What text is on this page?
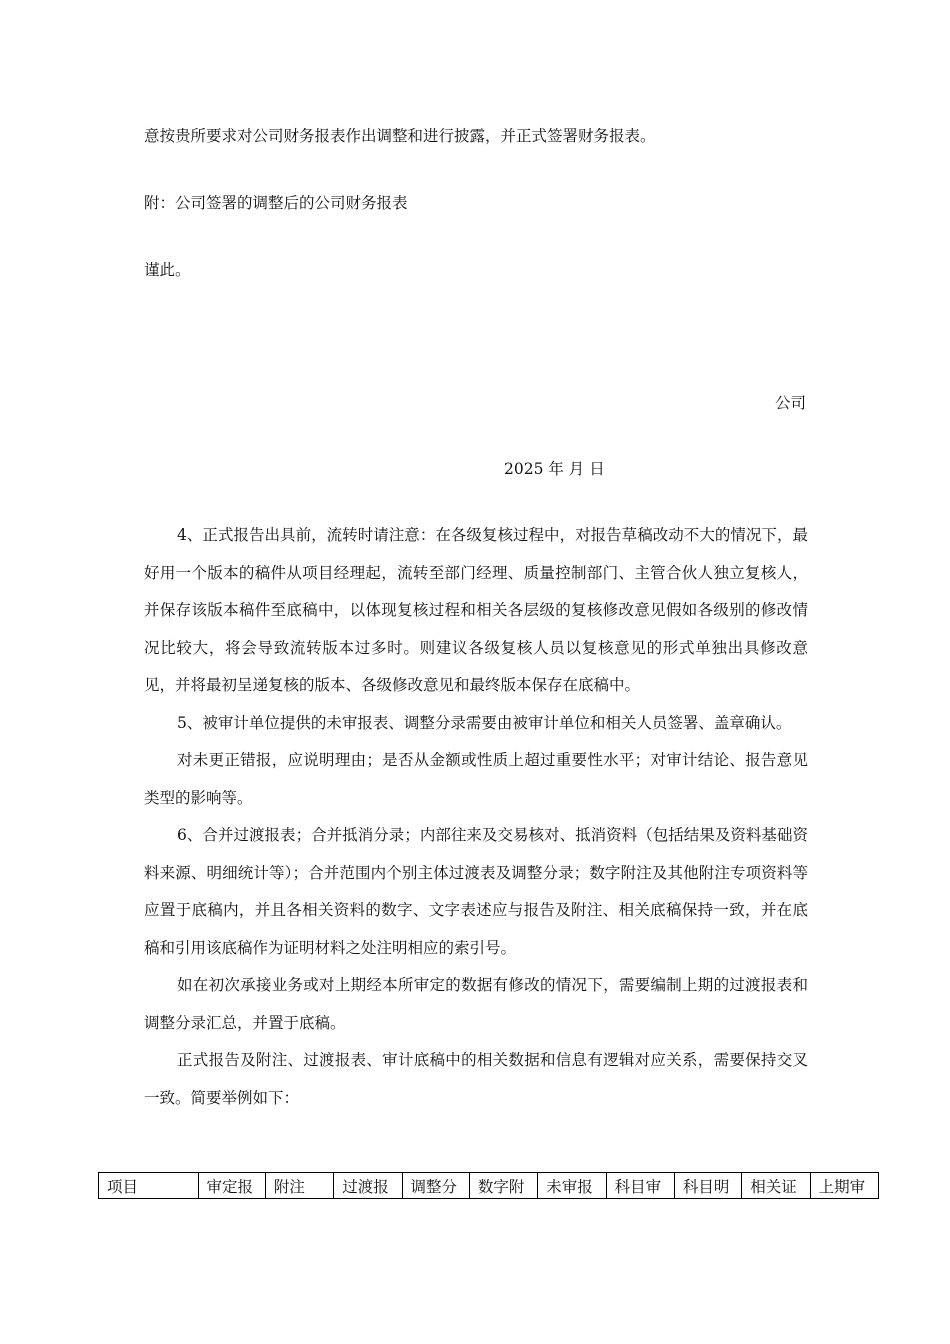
意按贵所要求对公司财务报表作出调整和进行披露，并正式签署财务报表。
附：公司签署的调整后的公司财务报表
谨此。
公司
2025 年 月 日

4、正式报告出具前，流转时请注意：在各级复核过程中，对报告草稿改动不大的情况下，最好用一个版本的稿件从项目经理起，流转至部门经理、质量控制部门、主管合伙人独立复核人，并保存该版本稿件至底稿中，以体现复核过程和相关各层级的复核修改意见假如各级别的修改情况比较大，将会导致流转版本过多时。则建议各级复核人员以复核意见的形式单独出具修改意见，并将最初呈递复核的版本、各级修改意见和最终版本保存在底稿中。

5、被审计单位提供的未审报表、调整分录需要由被审计单位和相关人员签署、盖章确认。

对未更正错报，应说明理由；是否从金额或性质上超过重要性水平；对审计结论、报告意见类型的影响等。

6、合并过渡报表；合并抵消分录；内部往来及交易核对、抵消资料（包括结果及资料基础资料来源、明细统计等）；合并范围内个别主体过渡表及调整分录；数字附注及其他附注专项资料等应置于底稿内，并且各相关资料的数字、文字表述应与报告及附注、相关底稿保持一致，并在底稿和引用该底稿作为证明材料之处注明相应的索引号。

如在初次承接业务或对上期经本所审定的数据有修改的情况下，需要编制上期的过渡报表和调整分录汇总，并置于底稿。

正式报告及附注、过渡报表、审计底稿中的相关数据和信息有逻辑对应关系，需要保持交叉一致。简要举例如下：

项目	审定报	附注	过渡报	调整分	数字附	未审报	科目审	科目明	相关证	上期审
